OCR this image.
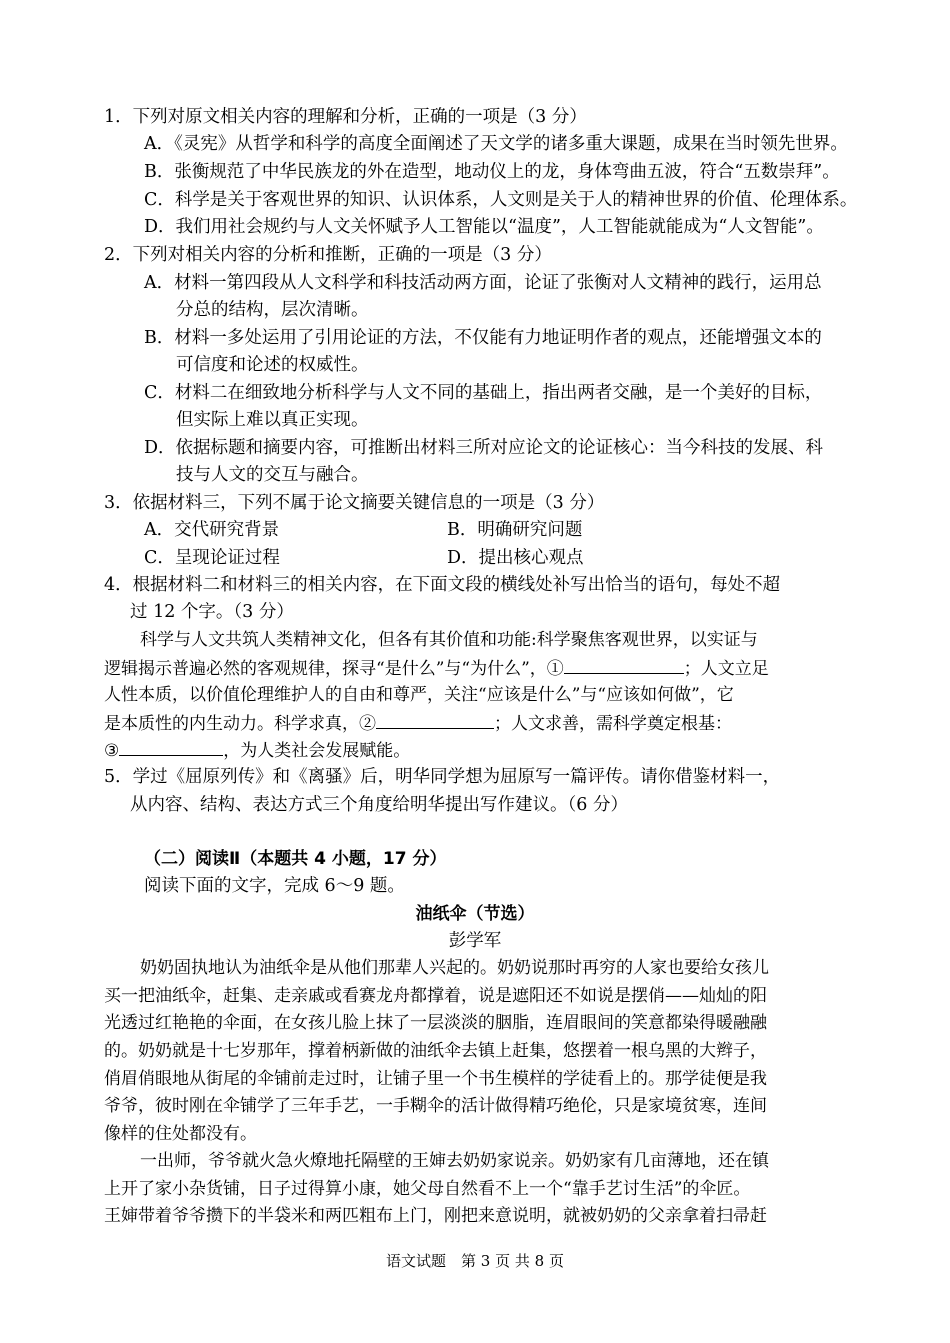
1．下列对原文相关内容的理解和分析，正确的一项是（3 分）
A．《灵宪》从哲学和科学的高度全面阐述了天文学的诸多重大课题，成果在当时领先世界。
B．张衡规范了中华民族龙的外在造型，地动仪上的龙，身体弯曲五波，符合“五数崇拜”。
C．科学是关于客观世界的知识、认识体系，人文则是关于人的精神世界的价值、伦理体系。
D．我们用社会规约与人文关怀赋予人工智能以“温度”，人工智能就能成为“人文智能”。
2．下列对相关内容的分析和推断，正确的一项是（3 分）
A．材料一第四段从人文科学和科技活动两方面，论证了张衡对人文精神的践行，运用总
分总的结构，层次清晰。
B．材料一多处运用了引用论证的方法，不仅能有力地证明作者的观点，还能增强文本的
可信度和论述的权威性。
C．材料二在细致地分析科学与人文不同的基础上，指出两者交融，是一个美好的目标，
但实际上难以真正实现。
D．依据标题和摘要内容，可推断出材料三所对应论文的论证核心：当今科技的发展、科
技与人文的交互与融合。
3．依据材料三，下列不属于论文摘要关键信息的一项是（3 分）
A．交代研究背景	B．明确研究问题
C．呈现论证过程	D．提出核心观点
4．根据材料二和材料三的相关内容，在下面文段的横线处补写出恰当的语句，每处不超
过 12 个字。（3 分）
科学与人文共筑人类精神文化，但各有其价值和功能:科学聚焦客观世界，以实证与
逻辑揭示普遍必然的客观规律，探寻“是什么”与“为什么”，①	；人文立足
人性本质，以价值伦理维护人的自由和尊严，关注“应该是什么”与“应该如何做”，它
是本质性的内生动力。科学求真，②	；人文求善，需科学奠定根基：
③	，为人类社会发展赋能。
5．学过《屈原列传》和《离骚》后，明华同学想为屈原写一篇评传。请你借鉴材料一，
从内容、结构、表达方式三个角度给明华提出写作建议。（6 分）
（二）阅读Ⅱ（本题共 4 小题，17 分）
阅读下面的文字，完成 6～9 题。
油纸伞（节选）
彭学军
奶奶固执地认为油纸伞是从他们那辈人兴起的。奶奶说那时再穷的人家也要给女孩儿
买一把油纸伞，赶集、走亲戚或看赛龙舟都撑着，说是遮阳还不如说是摆俏——灿灿的阳
光透过红艳艳的伞面，在女孩儿脸上抹了一层淡淡的胭脂，连眉眼间的笑意都染得暖融融
的。奶奶就是十七岁那年，撑着柄新做的油纸伞去镇上赶集，悠摆着一根乌黑的大辫子，
俏眉俏眼地从街尾的伞铺前走过时，让铺子里一个书生模样的学徒看上的。那学徒便是我
爷爷，彼时刚在伞铺学了三年手艺，一手糊伞的活计做得精巧绝伦，只是家境贫寒，连间
像样的住处都没有。
一出师，爷爷就火急火燎地托隔壁的王婶去奶奶家说亲。奶奶家有几亩薄地，还在镇
上开了家小杂货铺，日子过得算小康，她父母自然看不上一个“靠手艺讨生活”的伞匠。
王婶带着爷爷攒下的半袋米和两匹粗布上门，刚把来意说明，就被奶奶的父亲拿着扫帚赶
语文试题　第 3 页 共 8 页
